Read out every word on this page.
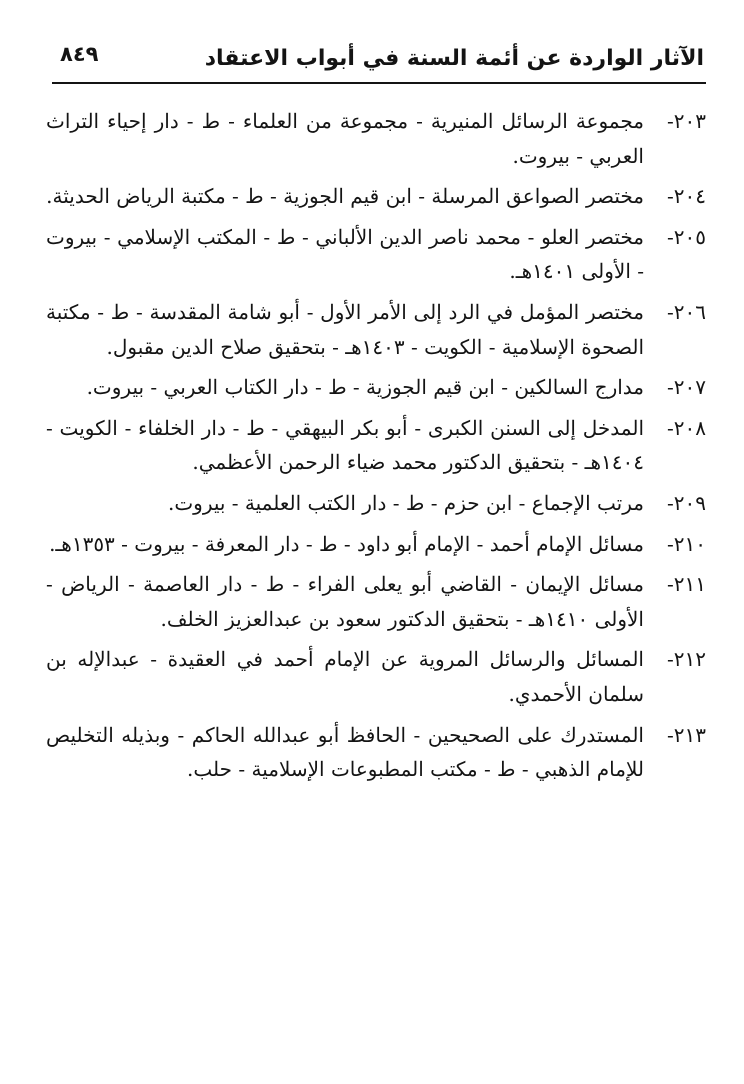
الآثار الواردة عن أئمة السنة في أبواب الاعتقاد
٨٤٩
٢٠٣-
مجموعة الرسائل المنيرية - مجموعة من العلماء - ط - دار إحياء التراث العربي - بيروت.
٢٠٤-
مختصر الصواعق المرسلة - ابن قيم الجوزية - ط - مكتبة الرياض الحديثة.
٢٠٥-
مختصر العلو - محمد ناصر الدين الألباني - ط - المكتب الإسلامي - بيروت - الأولى ١٤٠١هـ.
٢٠٦-
مختصر المؤمل في الرد إلى الأمر الأول - أبو شامة المقدسة - ط - مكتبة الصحوة الإسلامية - الكويت - ١٤٠٣هـ - بتحقيق صلاح الدين مقبول.
٢٠٧-
مدارج السالكين - ابن قيم الجوزية - ط - دار الكتاب العربي - بيروت.
٢٠٨-
المدخل إلى السنن الكبرى - أبو بكر البيهقي - ط - دار الخلفاء - الكويت - ١٤٠٤هـ - بتحقيق الدكتور محمد ضياء الرحمن الأعظمي.
٢٠٩-
مرتب الإجماع - ابن حزم - ط - دار الكتب العلمية - بيروت.
٢١٠-
مسائل الإمام أحمد - الإمام أبو داود - ط - دار المعرفة - بيروت - ١٣٥٣هـ.
٢١١-
مسائل الإيمان - القاضي أبو يعلى الفراء - ط - دار العاصمة - الرياض - الأولى ١٤١٠هـ - بتحقيق الدكتور سعود بن عبدالعزيز الخلف.
٢١٢-
المسائل والرسائل المروية عن الإمام أحمد في العقيدة - عبدالإله بن سلمان الأحمدي.
٢١٣-
المستدرك على الصحيحين - الحافظ أبو عبدالله الحاكم - وبذيله التخليص للإمام الذهبي - ط - مكتب المطبوعات الإسلامية - حلب.
